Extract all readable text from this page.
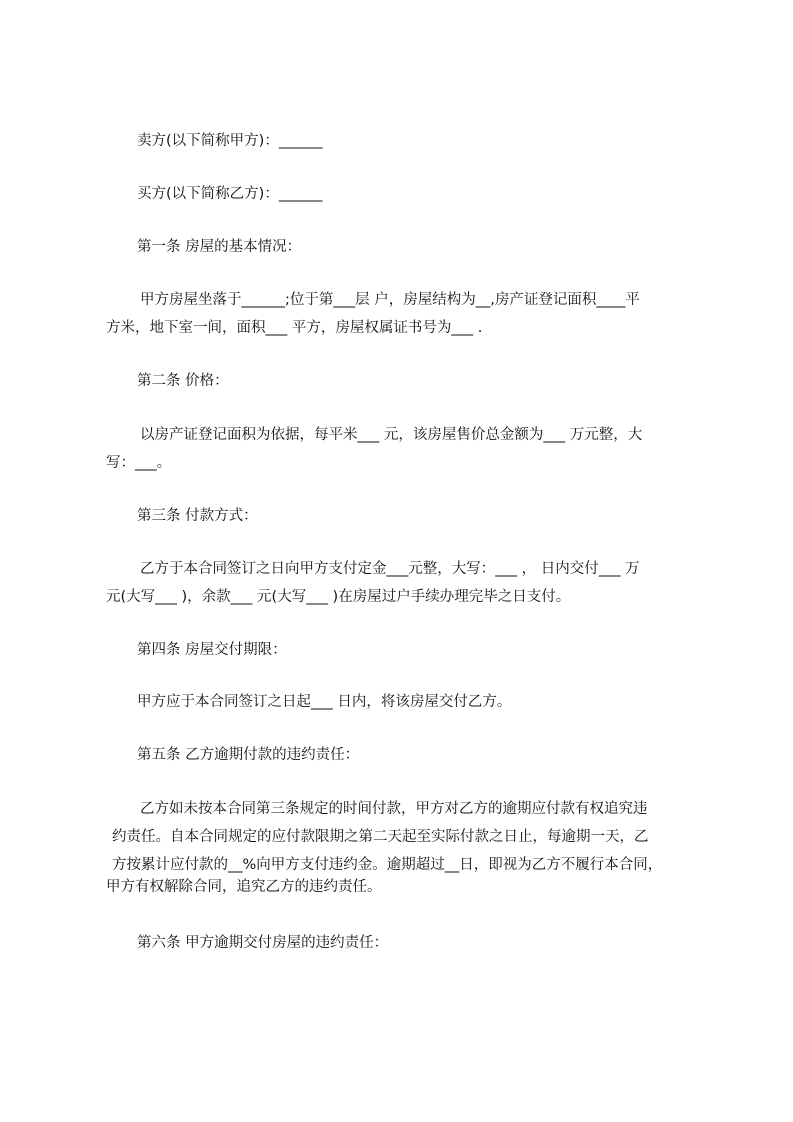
卖方(以下简称甲方)：______
买方(以下简称乙方)：______
第一条 房屋的基本情况：
甲方房屋坐落于______;位于第___层 户，房屋结构为__,房产证登记面积____平
方米，地下室一间，面积___ 平方，房屋权属证书号为___ .
第二条 价格：
以房产证登记面积为依据，每平米___ 元，该房屋售价总金额为___ 万元整，大
写：___。
第三条 付款方式：
乙方于本合同签订之日向甲方支付定金___元整，大写：___ ， 日内交付___ 万
元(大写___ )，余款___ 元(大写___ )在房屋过户手续办理完毕之日支付。
第四条 房屋交付期限：
甲方应于本合同签订之日起___ 日内，将该房屋交付乙方。
第五条 乙方逾期付款的违约责任：
乙方如未按本合同第三条规定的时间付款，甲方对乙方的逾期应付款有权追究违
约责任。自本合同规定的应付款限期之第二天起至实际付款之日止，每逾期一天，乙
方按累计应付款的__%向甲方支付违约金。逾期超过__日，即视为乙方不履行本合同，
甲方有权解除合同，追究乙方的违约责任。
第六条 甲方逾期交付房屋的违约责任：
